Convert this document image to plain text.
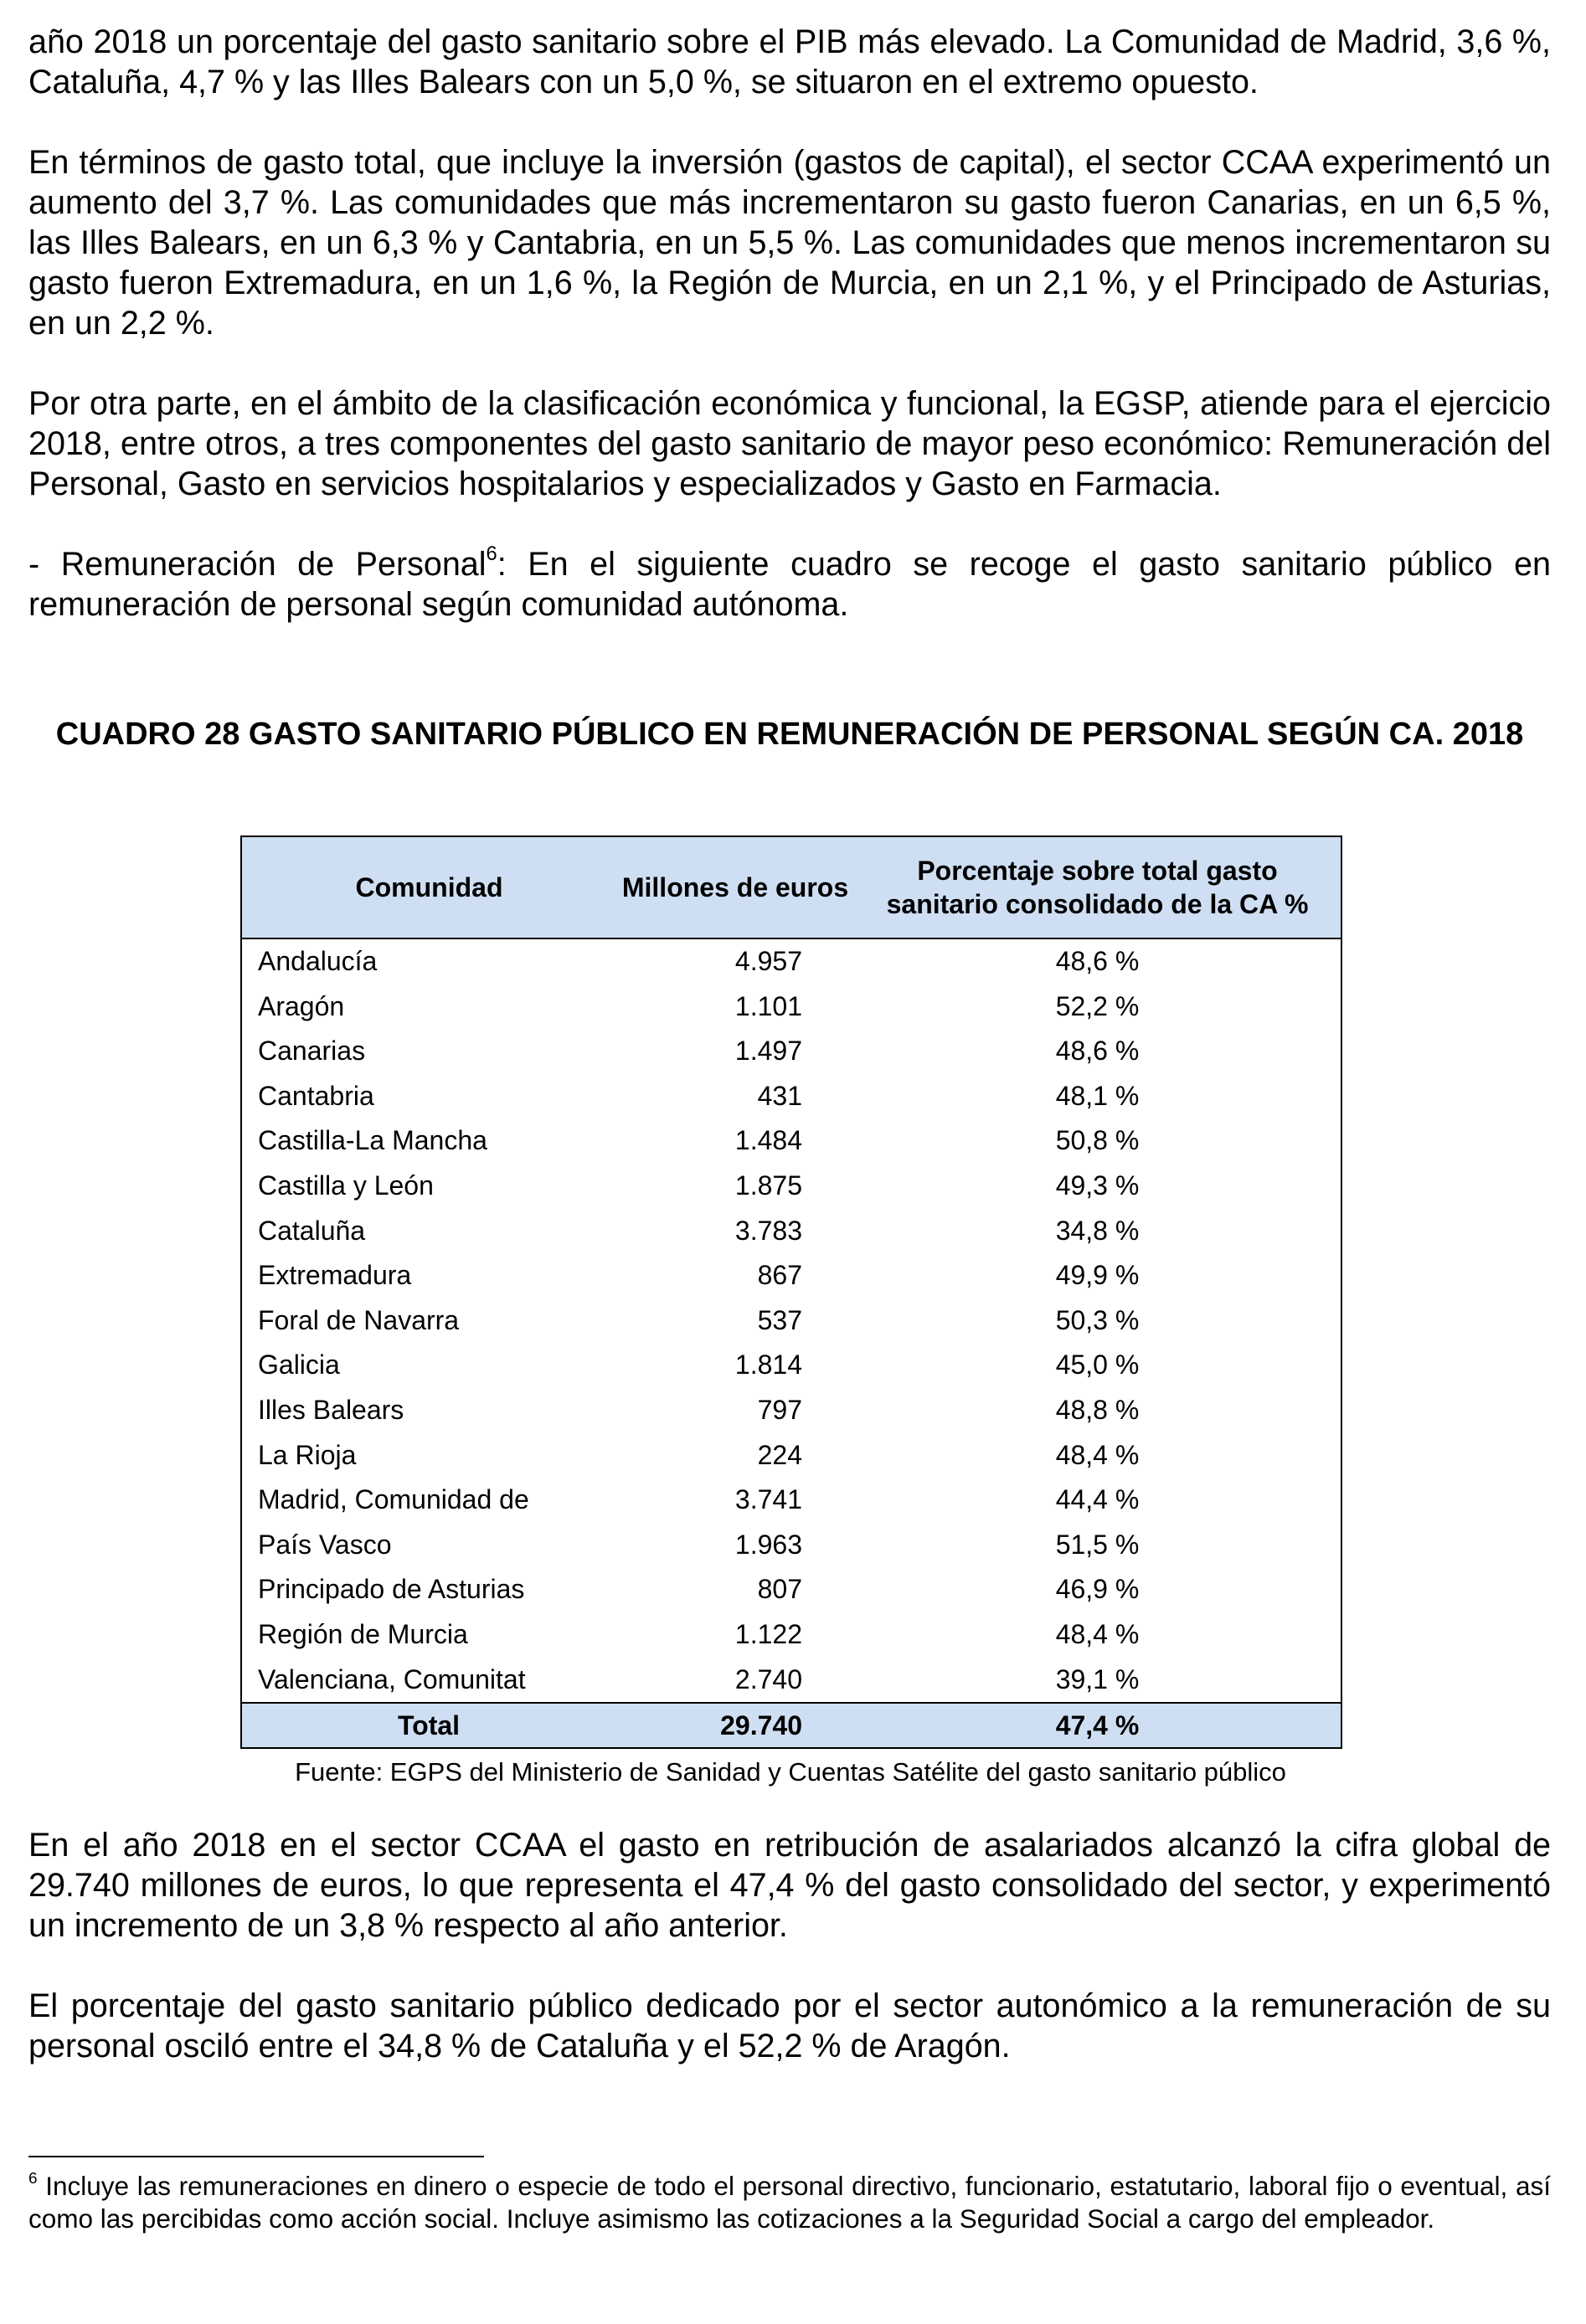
año 2018 un porcentaje del gasto sanitario sobre el PIB más elevado. La Comunidad de Madrid, 3,6 %, Cataluña, 4,7 % y las Illes Balears con un 5,0 %, se situaron en el extremo opuesto.

En términos de gasto total, que incluye la inversión (gastos de capital), el sector CCAA experimentó un aumento del 3,7 %. Las comunidades que más incrementaron su gasto fueron Canarias, en un 6,5 %, las Illes Balears, en un 6,3 % y Cantabria, en un 5,5 %. Las comunidades que menos incrementaron su gasto fueron Extremadura, en un 1,6 %, la Región de Murcia, en un 2,1 %, y el Principado de Asturias, en un 2,2 %.

Por otra parte, en el ámbito de la clasificación económica y funcional, la EGSP, atiende para el ejercicio 2018, entre otros, a tres componentes del gasto sanitario de mayor peso económico: Remuneración del Personal, Gasto en servicios hospitalarios y especializados y Gasto en Farmacia.

- Remuneración de Personal$^6$: En el siguiente cuadro se recoge el gasto sanitario público en remuneración de personal según comunidad autónoma.

CUADRO 28 GASTO SANITARIO PÚBLICO EN REMUNERACIÓN DE PERSONAL SEGÚN CA. 2018
Comunidad	Millones de euros	Porcentaje sobre total gasto sanitario consolidado de la CA %
Andalucía	4.957	48,6 %
Aragón	1.101	52,2 %
Canarias	1.497	48,6 %
Cantabria	431	48,1 %
Castilla-La Mancha	1.484	50,8 %
Castilla y León	1.875	49,3 %
Cataluña	3.783	34,8 %
Extremadura	867	49,9 %
Foral de Navarra	537	50,3 %
Galicia	1.814	45,0 %
Illes Balears	797	48,8 %
La Rioja	224	48,4 %
Madrid, Comunidad de	3.741	44,4 %
País Vasco	1.963	51,5 %
Principado de Asturias	807	46,9 %
Región de Murcia	1.122	48,4 %
Valenciana, Comunitat	2.740	39,1 %
Total	29.740	47,4 %
Fuente: EGPS del Ministerio de Sanidad y Cuentas Satélite del gasto sanitario público

En el año 2018 en el sector CCAA el gasto en retribución de asalariados alcanzó la cifra global de 29.740 millones de euros, lo que representa el 47,4 % del gasto consolidado del sector, y experimentó un incremento de un 3,8 % respecto al año anterior.

El porcentaje del gasto sanitario público dedicado por el sector autonómico a la remuneración de su personal osciló entre el 34,8 % de Cataluña y el 52,2 % de Aragón.

$^6$ Incluye las remuneraciones en dinero o especie de todo el personal directivo, funcionario, estatutario, laboral fijo o eventual, así como las percibidas como acción social. Incluye asimismo las cotizaciones a la Seguridad Social a cargo del empleador.
